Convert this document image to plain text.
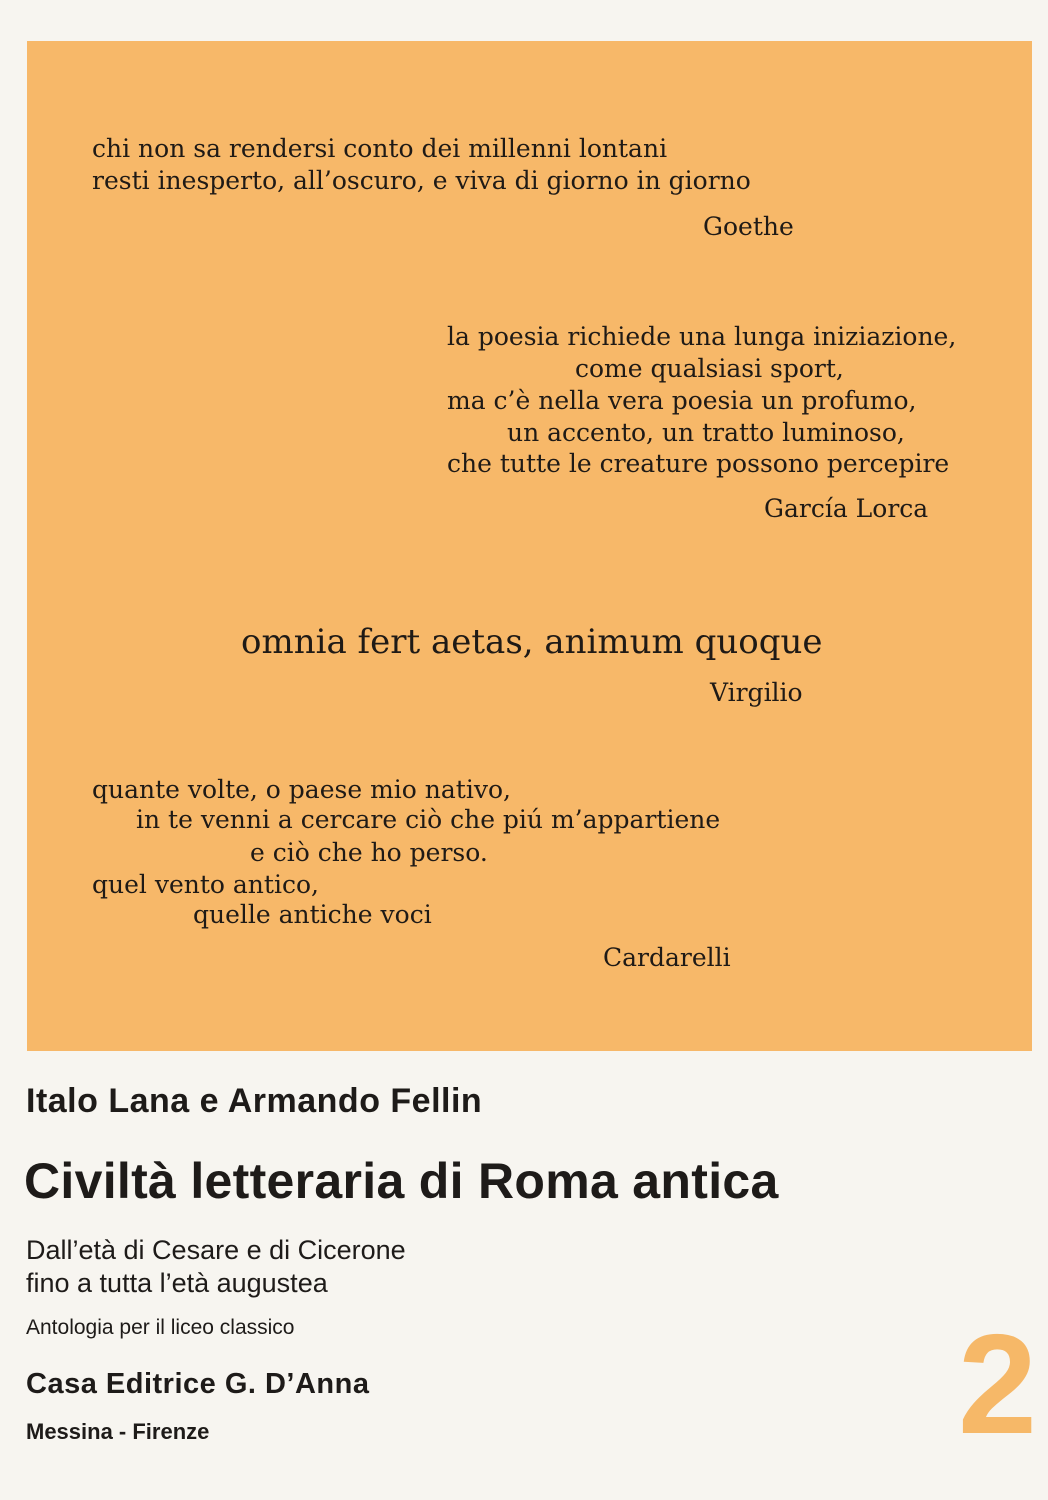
chi non sa rendersi conto dei millenni lontani
resti inesperto, all’oscuro, e viva di giorno in giorno
Goethe
la poesia richiede una lunga iniziazione,
come qualsiasi sport,
ma c’è nella vera poesia un profumo,
un accento, un tratto luminoso,
che tutte le creature possono percepire
García Lorca
omnia fert aetas, animum quoque
Virgilio
quante volte, o paese mio nativo,
in te venni a cercare ciò che piú m’appartiene
e ciò che ho perso.
quel vento antico,
quelle antiche voci
Cardarelli
Italo Lana e Armando Fellin
Civiltà letteraria di Roma antica
Dall’età di Cesare e di Cicerone
fino a tutta l’età augustea
Antologia per il liceo classico
Casa Editrice G. D’Anna
Messina - Firenze	2
